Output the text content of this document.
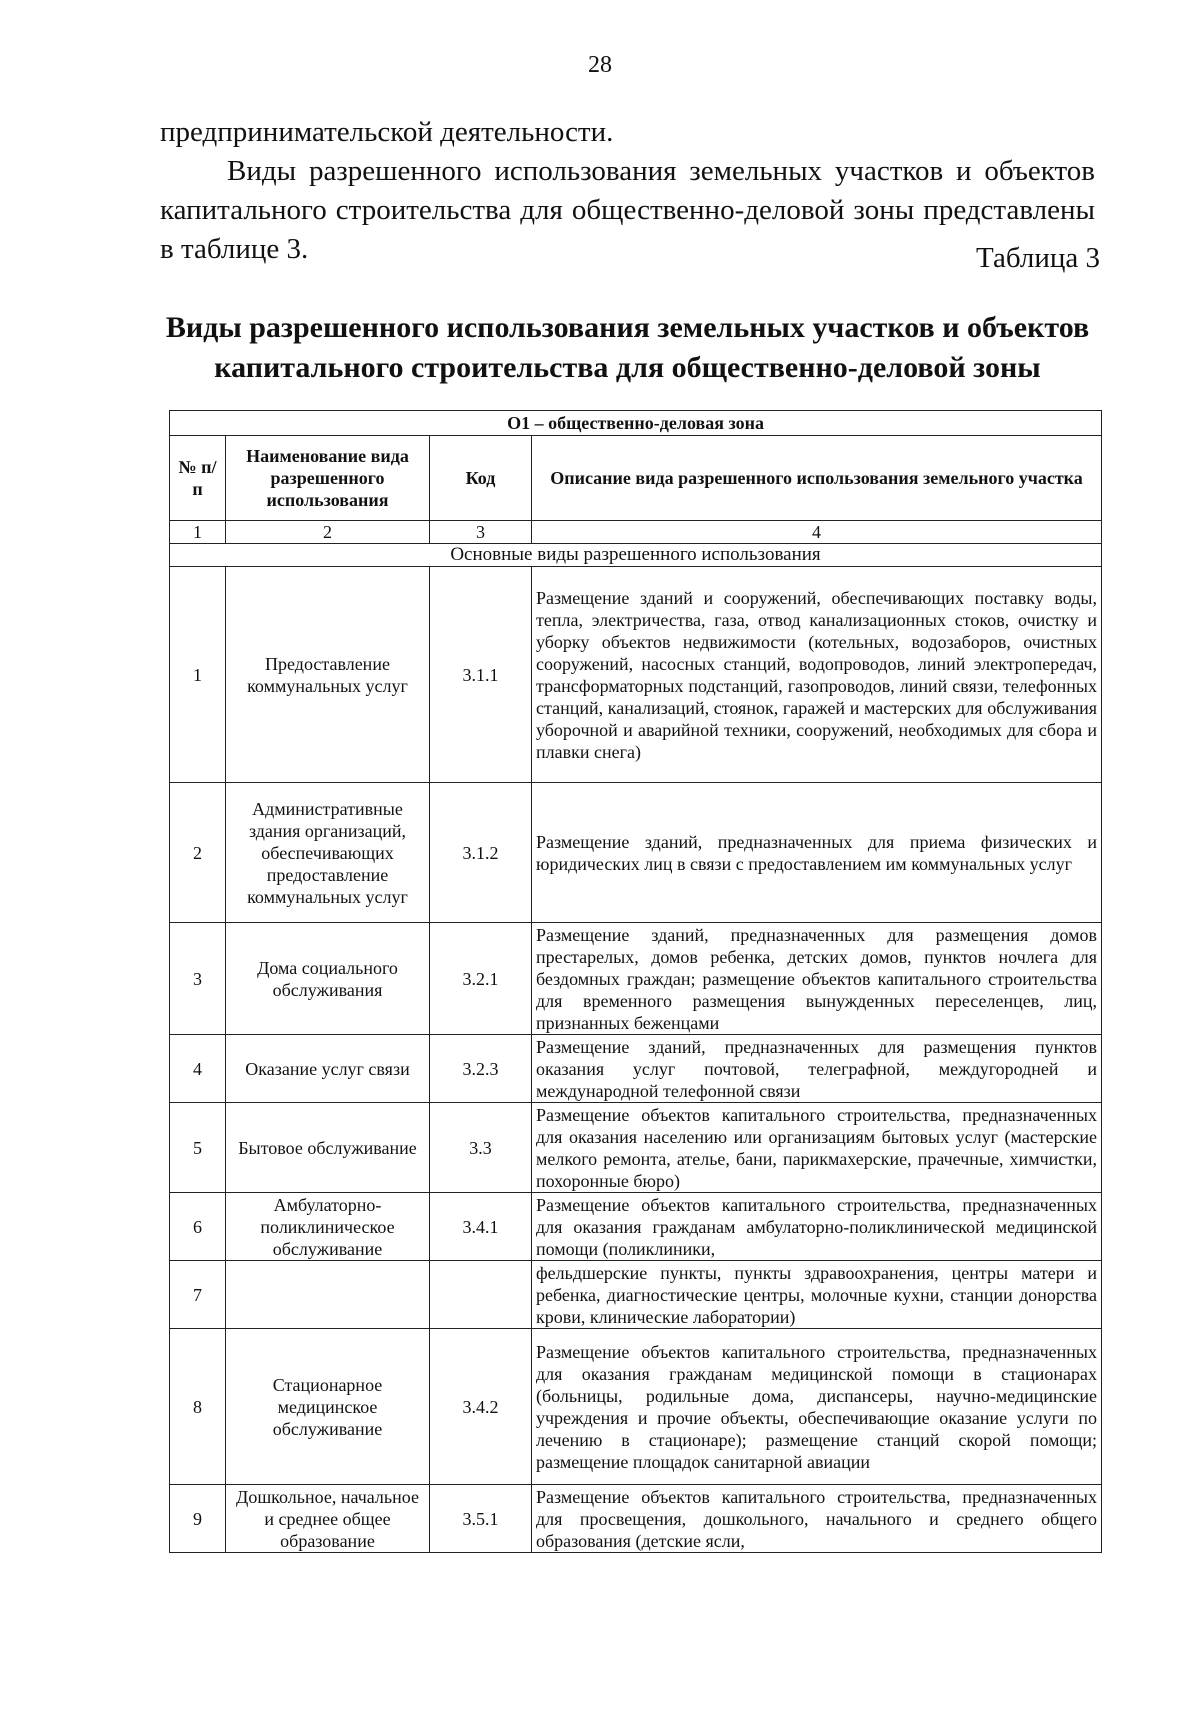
28

предпринимательской деятельности.

Виды разрешенного использования земельных участков и объектов капитального строительства для общественно-деловой зоны представлены в таблице 3.	Таблица 3
Виды разрешенного использования земельных участков и объектов
капитального строительства для общественно-деловой зоны
О1 – общественно-деловая зона			
№ п/п	Наименование вида разрешенного использования	Код	Описание вида разрешенного использования земельного участка
1	2	3	4
Основные виды разрешенного использования			
1	Предоставление коммунальных услуг	3.1.1	Размещение зданий и сооружений, обеспечивающих поставку воды, тепла, электричества, газа, отвод канализационных стоков, очистку и уборку объектов недвижимости (котельных, водозаборов, очистных сооружений, насосных станций, водопроводов, линий электропередач, трансформаторных подстанций, газопроводов, линий связи, телефонных станций, канализаций, стоянок, гаражей и мастерских для обслуживания уборочной и аварийной техники, сооружений, необходимых для сбора и плавки снега)
2	Административные здания организаций, обеспечивающих предоставление коммунальных услуг	3.1.2	Размещение зданий, предназначенных для приема физических и юридических лиц в связи с предоставлением им коммунальных услуг
3	Дома социального обслуживания	3.2.1	Размещение зданий, предназначенных для размещения домов престарелых, домов ребенка, детских домов, пунктов ночлега для бездомных граждан; размещение объектов капитального строительства для временного размещения вынужденных переселенцев, лиц, признанных беженцами
4	Оказание услуг связи	3.2.3	Размещение зданий, предназначенных для размещения пунктов оказания услуг почтовой, телеграфной, междугородней и международной телефонной связи
5	Бытовое обслуживание	3.3	Размещение объектов капитального строительства, предназначенных для оказания населению или организациям бытовых услуг (мастерские мелкого ремонта, ателье, бани, парикмахерские, прачечные, химчистки, похоронные бюро)
6	Амбулаторно-поликлиническое обслуживание	3.4.1	Размещение объектов капитального строительства, предназначенных для оказания гражданам амбулаторно-поликлинической медицинской помощи (поликлиники,
7			фельдшерские пункты, пункты здравоохранения, центры матери и ребенка, диагностические центры, молочные кухни, станции донорства крови, клинические лаборатории)
8	Стационарное медицинское обслуживание	3.4.2	Размещение объектов капитального строительства, предназначенных для оказания гражданам медицинской помощи в стационарах (больницы, родильные дома, диспансеры, научно-медицинские учреждения и прочие объекты, обеспечивающие оказание услуги по лечению в стационаре); размещение станций скорой помощи; размещение площадок санитарной авиации
9	Дошкольное, начальное и среднее общее образование	3.5.1	Размещение объектов капитального строительства, предназначенных для просвещения, дошкольного, начального и среднего общего образования (детские ясли,
